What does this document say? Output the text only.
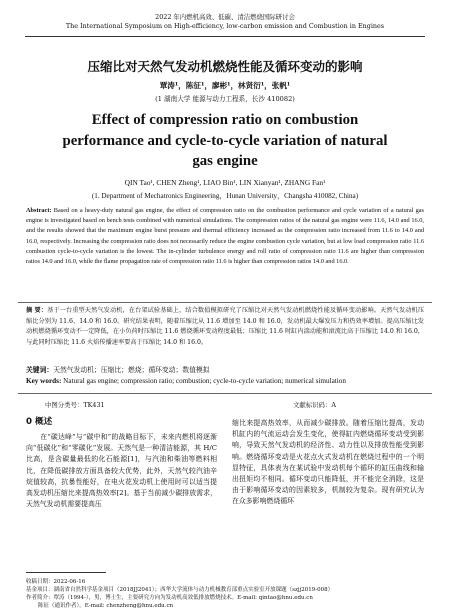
2022 年内燃机高效、低碳、清洁燃烧国际研讨会
The International Symposium on High-efficiency, low-carbon emission and Combustion in Engines
压缩比对天然气发动机燃烧性能及循环变动的影响
覃涛¹，陈征¹，廖彬¹，林贤衍¹，张帆¹
(1 湖南大学 能源与动力工程系，长沙 410082)
Effect of compression ratio on combustion performance and cycle-to-cycle variation of natural gas engine
QIN Tao¹, CHEN Zheng¹, LIAO Bin¹, LIN Xianyan¹, ZHANG Fan¹
(1. Department of Mechatronics Engineering，Hunan University，Changsha 410082, China)
Abstract: Based on a heavy-duty natural gas engine, the effect of compression ratio on the combustion performance and cycle variation of a natural gas engine is investigated based on bench tests combined with numerical simulations. The compression ratios of the natural gas engine were 11.6, 14.0 and 16.0, and the results showed that the maximum engine burst pressure and thermal efficiency increased as the compression ratio increased from 11.6 to 14.0 and 16.0, respectively. Increasing the compression ratio does not necessarily reduce the engine combustion cycle variation, but at low load compression ratio 11.6 combustion cycle-to-cycle variation is the lowest. The in-cylinder turbulence energy and roll ratio of compression ratio 11.6 are higher than compression ratios 14.0 and 16.0, while the flame propagation rate of compression ratio 11.6 is higher than compression ratios 14.0 and 16.0.
摘 要：基于一台重型天然气发动机，在台架试验基础上，结合数值模拟研究了压缩比对天然气发动机燃烧性能及循环变动影响。天然气发动机压缩比分别为 11.6、14.0 和 16.0。研究结果表明，随着压缩比从 11.6 增加至 14.0 和 16.0，发动机最大爆发压力和热效率增加。提高压缩比发动机燃烧循环变动不一定降低，在小负荷时压缩比 11.6 燃烧循环变动程度最低；压缩比 11.6 时缸内湍动能和滚流比高于压缩比 14.0 和 16.0，与此同时压缩比 11.6 火焰传播速率要高于压缩比 14.0 和 16.0。
关键词：天然气发动机；压缩比；燃烧；循环变动；数值模拟
Key words: Natural gas engine; compression ratio; combustion; cycle-to-cycle variation; numerical simulation
中图分类号：TK431	文献标识码：A
0 概述
在“碳达峰”与“碳中和”的战略目标下，未来内燃机将逐渐向“低碳化”和“零碳化”发展。天然气是一种清洁能源，其 H/C 比高，是含碳量最低的化石能源[1]，与汽油和柴油等燃料相比，在降低碳排放方面具备较大优势，此外，天然气较汽油辛烷值较高，抗暴性能好，在电火花发动机上使用时可以适当提高发动机压缩比来提高热效率[2]。基于当前减少碳排放需求，天然气发动机需要提高压
缩比来提高热效率，从而减少碳排放。随着压缩比提高，发动机缸内的气流运动会发生变化，使得缸内燃烧循环变动受到影响，导致天然气发动机的经济性、动力性以及排放性能受到影响。燃烧循环变动是火花点火式发动机在燃烧过程中的一个明显特征，具体表为在某试验中发动机每个循环的缸压曲线和输出扭矩均不相同。循环变动只能降低，并不能完全消除，这是由于影响循环变动的因素较多，机制较为复杂。现有研究认为在众多影响燃烧循环
收稿日期：2022-06-16
基金项目：湖南省自然科学基金项目（2018JJ2041）；西华大学流体与动力机械教育部重点实验室开放课题（szjj2019-008）
作者简介：覃涛（1994-），男，博士生，主要研究方向为发动机高效低排放燃烧技术。E-mail: qintao@hnu.edu.cn
陈征（通讯作者）。E-mail: chenzheng@hnu.edu.cn
